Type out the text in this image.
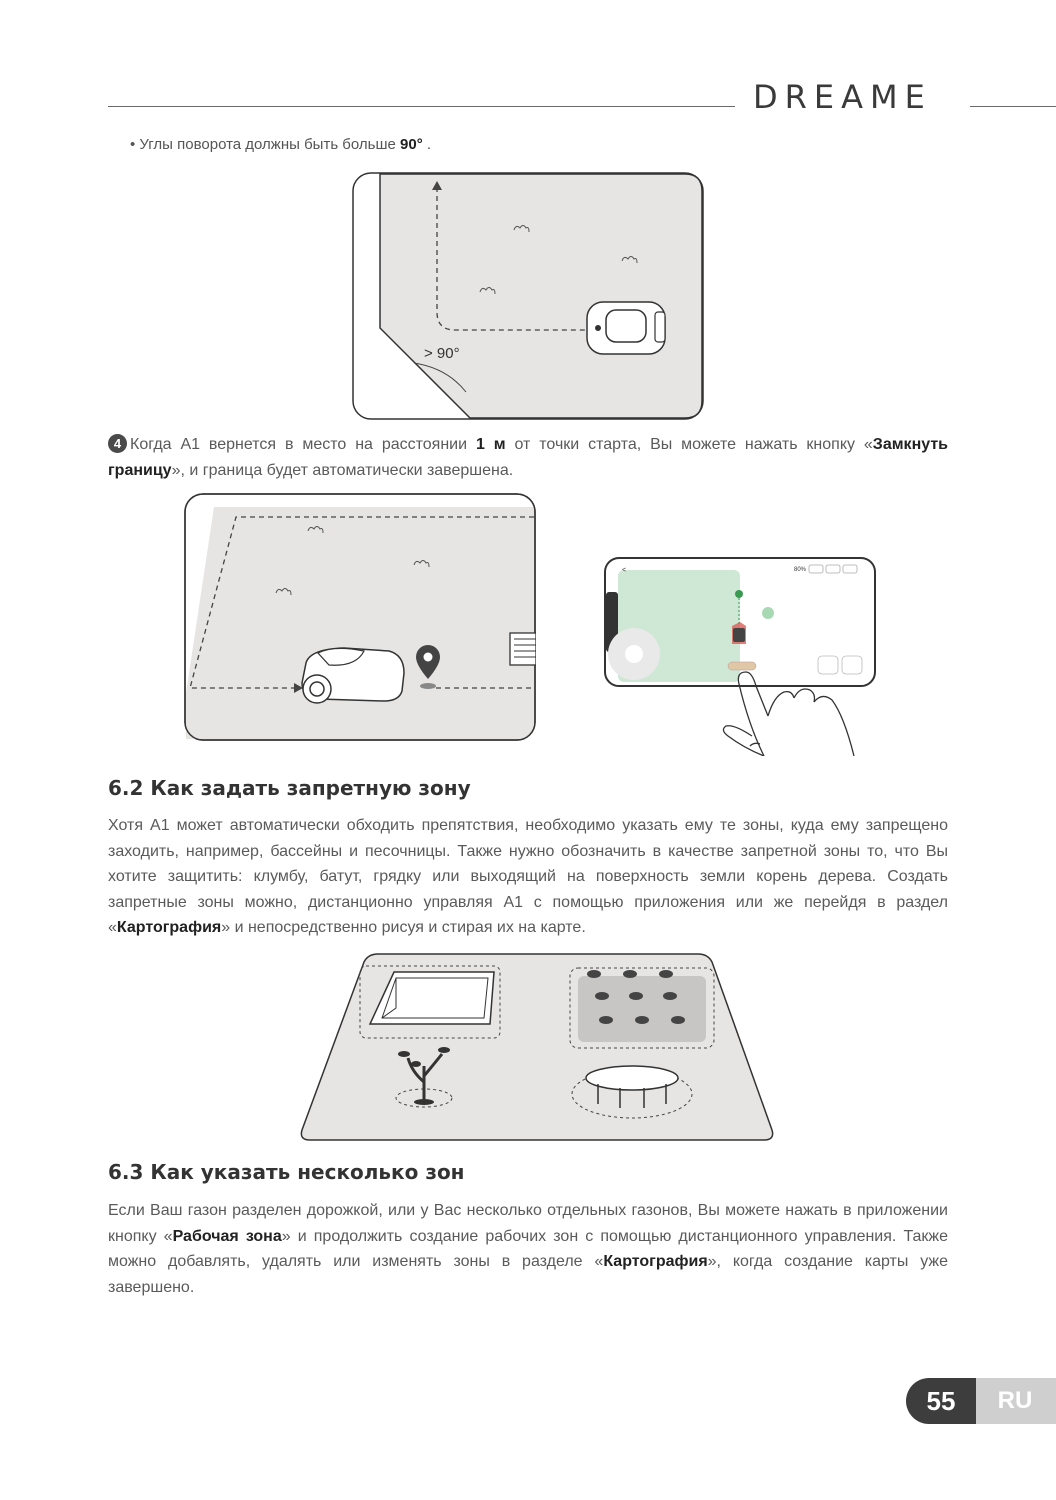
DREAME
• Углы поворота должны быть больше 90° .
> 90°
4 Когда A1 вернется в место на расстоянии 1 м от точки старта, Вы можете нажать кнопку «Замкнуть границу», и граница будет автоматически завершена.
<	80%
6.2 Как задать запретную зону
Хотя A1 может автоматически обходить препятствия, необходимо указать ему те зоны, куда ему запрещено заходить, например, бассейны и песочницы. Также нужно обозначить в качестве запретной зоны то, что Вы хотите защитить: клумбу, батут, грядку или выходящий на поверхность земли корень дерева. Создать запретные зоны можно, дистанционно управляя A1 с помощью приложения или же перейдя в раздел «Картография» и непосредственно рисуя и стирая их на карте.
6.3 Как указать несколько зон
Если Ваш газон разделен дорожкой, или у Вас несколько отдельных газонов, Вы можете нажать в приложении кнопку «Рабочая зона» и продолжить создание рабочих зон с помощью дистанционного управления. Также можно добавлять, удалять или изменять зоны в разделе «Картография», когда создание карты уже завершено.
RU
55
